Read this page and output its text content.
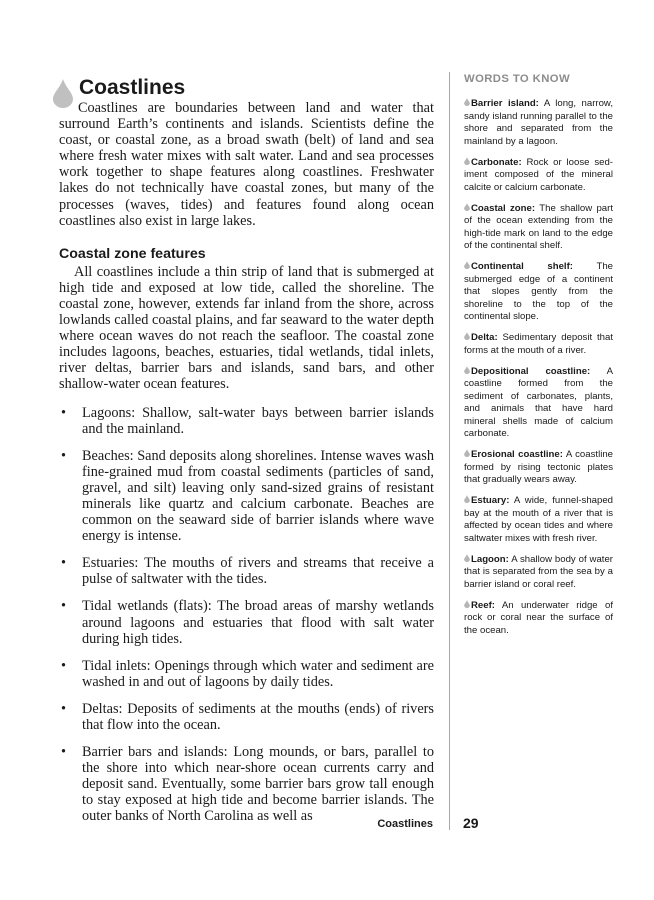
Coastlines

Coastlines are boundaries between land and water that surround Earth’s continents and islands. Scientists define the coast, or coastal zone, as a broad swath (belt) of land and sea where fresh water mixes with salt water. Land and sea processes work together to shape features along coastlines. Freshwater lakes do not technically have coastal zones, but many of the processes (waves, tides) and features found along ocean coastlines also exist in large lakes.

Coastal zone features

All coastlines include a thin strip of land that is submerged at high tide and exposed at low tide, called the shoreline. The coastal zone, however, extends far inland from the shore, across lowlands called coastal plains, and far seaward to the water depth where ocean waves do not reach the seafloor. The coastal zone includes lagoons, beaches, estuaries, tidal wetlands, tidal inlets, river deltas, barrier bars and islands, sand bars, and other shallow-water ocean features.

• Lagoons: Shallow, salt-water bays between barrier islands and the mainland.
• Beaches: Sand deposits along shorelines. Intense waves wash fine-grained mud from coastal sediments (particles of sand, gravel, and silt) leaving only sand-sized grains of resistant minerals like quartz and calcium carbonate. Beaches are common on the seaward side of barrier islands where wave energy is intense.
• Estuaries: The mouths of rivers and streams that receive a pulse of saltwater with the tides.
• Tidal wetlands (flats): The broad areas of marshy wetlands around lagoons and estuaries that flood with salt water during high tides.
• Tidal inlets: Openings through which water and sediment are washed in and out of lagoons by daily tides.
• Deltas: Deposits of sediments at the mouths (ends) of rivers that flow into the ocean.
• Barrier bars and islands: Long mounds, or bars, parallel to the shore into which near-shore ocean currents carry and deposit sand. Eventually, some barrier bars grow tall enough to stay exposed at high tide and become barrier islands. The outer banks of North Carolina as well as
WORDS TO KNOW

Barrier island: A long, narrow, sandy island running parallel to the shore and separated from the mainland by a lagoon.

Carbonate: Rock or loose sed-iment composed of the mineral calcite or calcium carbonate.

Coastal zone: The shallow part of the ocean extending from the high-tide mark on land to the edge of the continental shelf.

Continental shelf: The submerged edge of a continent that slopes gently from the shoreline to the top of the continental slope.

Delta: Sedimentary deposit that forms at the mouth of a river.

Depositional coastline: A coastline formed from the sediment of carbonates, plants, and animals that have hard mineral shells made of calcium carbonate.

Erosional coastline: A coastline formed by rising tectonic plates that gradually wears away.

Estuary: A wide, funnel-shaped bay at the mouth of a river that is affected by ocean tides and where saltwater mixes with fresh river.

Lagoon: A shallow body of water that is separated from the sea by a barrier island or coral reef.

Reef: An underwater ridge of rock or coral near the surface of the ocean.

Coastlines 29
